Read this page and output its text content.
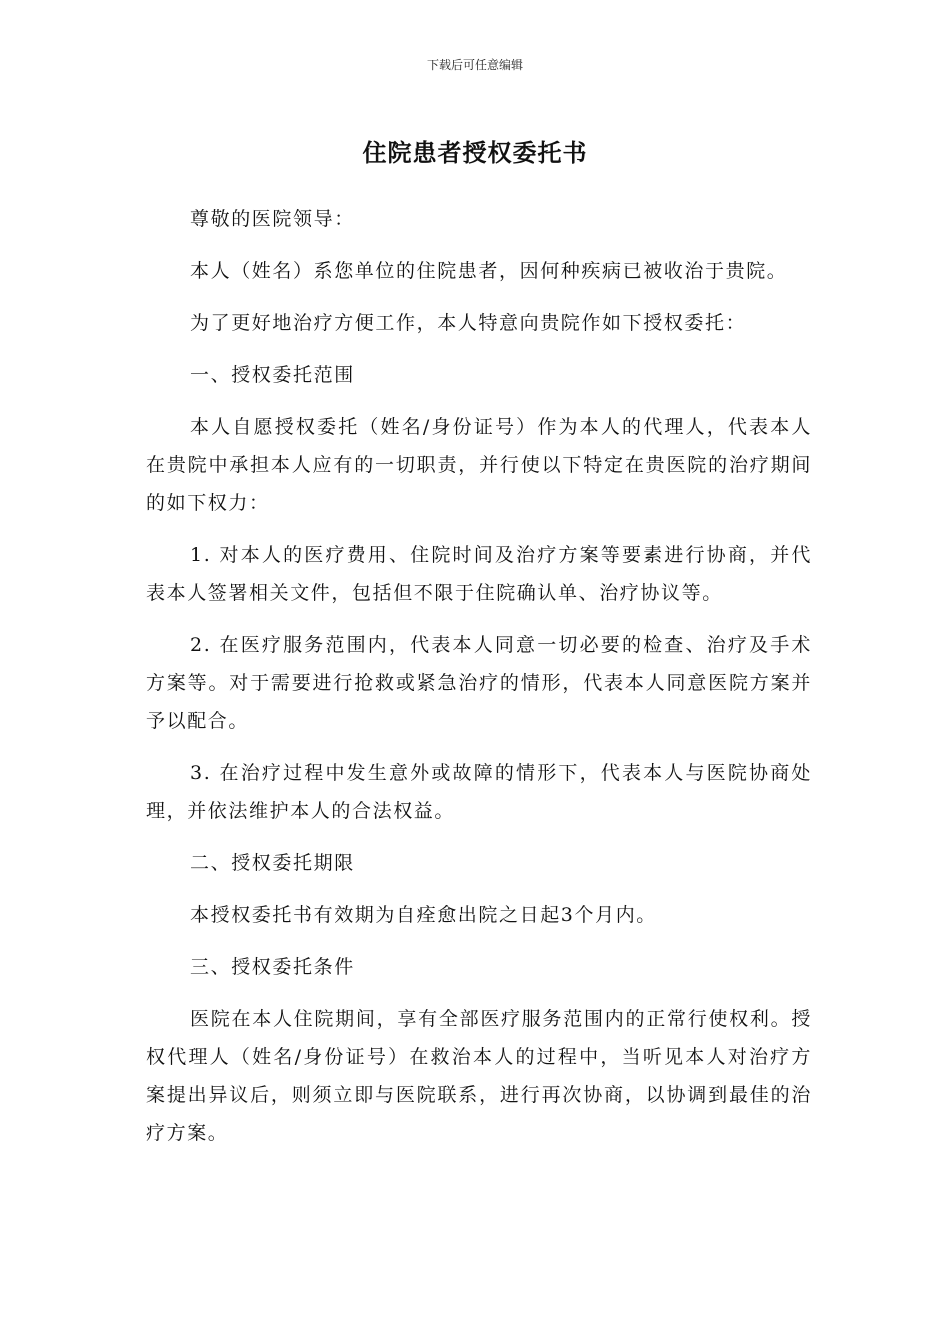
下载后可任意编辑
住院患者授权委托书

尊敬的医院领导：

本人（姓名）系您单位的住院患者，因何种疾病已被收治于贵院。

为了更好地治疗方便工作，本人特意向贵院作如下授权委托：

一、授权委托范围

本人自愿授权委托（姓名/身份证号）作为本人的代理人，代表本人在贵院中承担本人应有的一切职责，并行使以下特定在贵医院的治疗期间的如下权力：

1. 对本人的医疗费用、住院时间及治疗方案等要素进行协商，并代表本人签署相关文件，包括但不限于住院确认单、治疗协议等。

2. 在医疗服务范围内，代表本人同意一切必要的检查、治疗及手术方案等。对于需要进行抢救或紧急治疗的情形，代表本人同意医院方案并予以配合。

3. 在治疗过程中发生意外或故障的情形下，代表本人与医院协商处理，并依法维护本人的合法权益。

二、授权委托期限

本授权委托书有效期为自痊愈出院之日起3个月内。

三、授权委托条件

医院在本人住院期间，享有全部医疗服务范围内的正常行使权利。授权代理人（姓名/身份证号）在救治本人的过程中，当听见本人对治疗方案提出异议后，则须立即与医院联系，进行再次协商，以协调到最佳的治疗方案。
